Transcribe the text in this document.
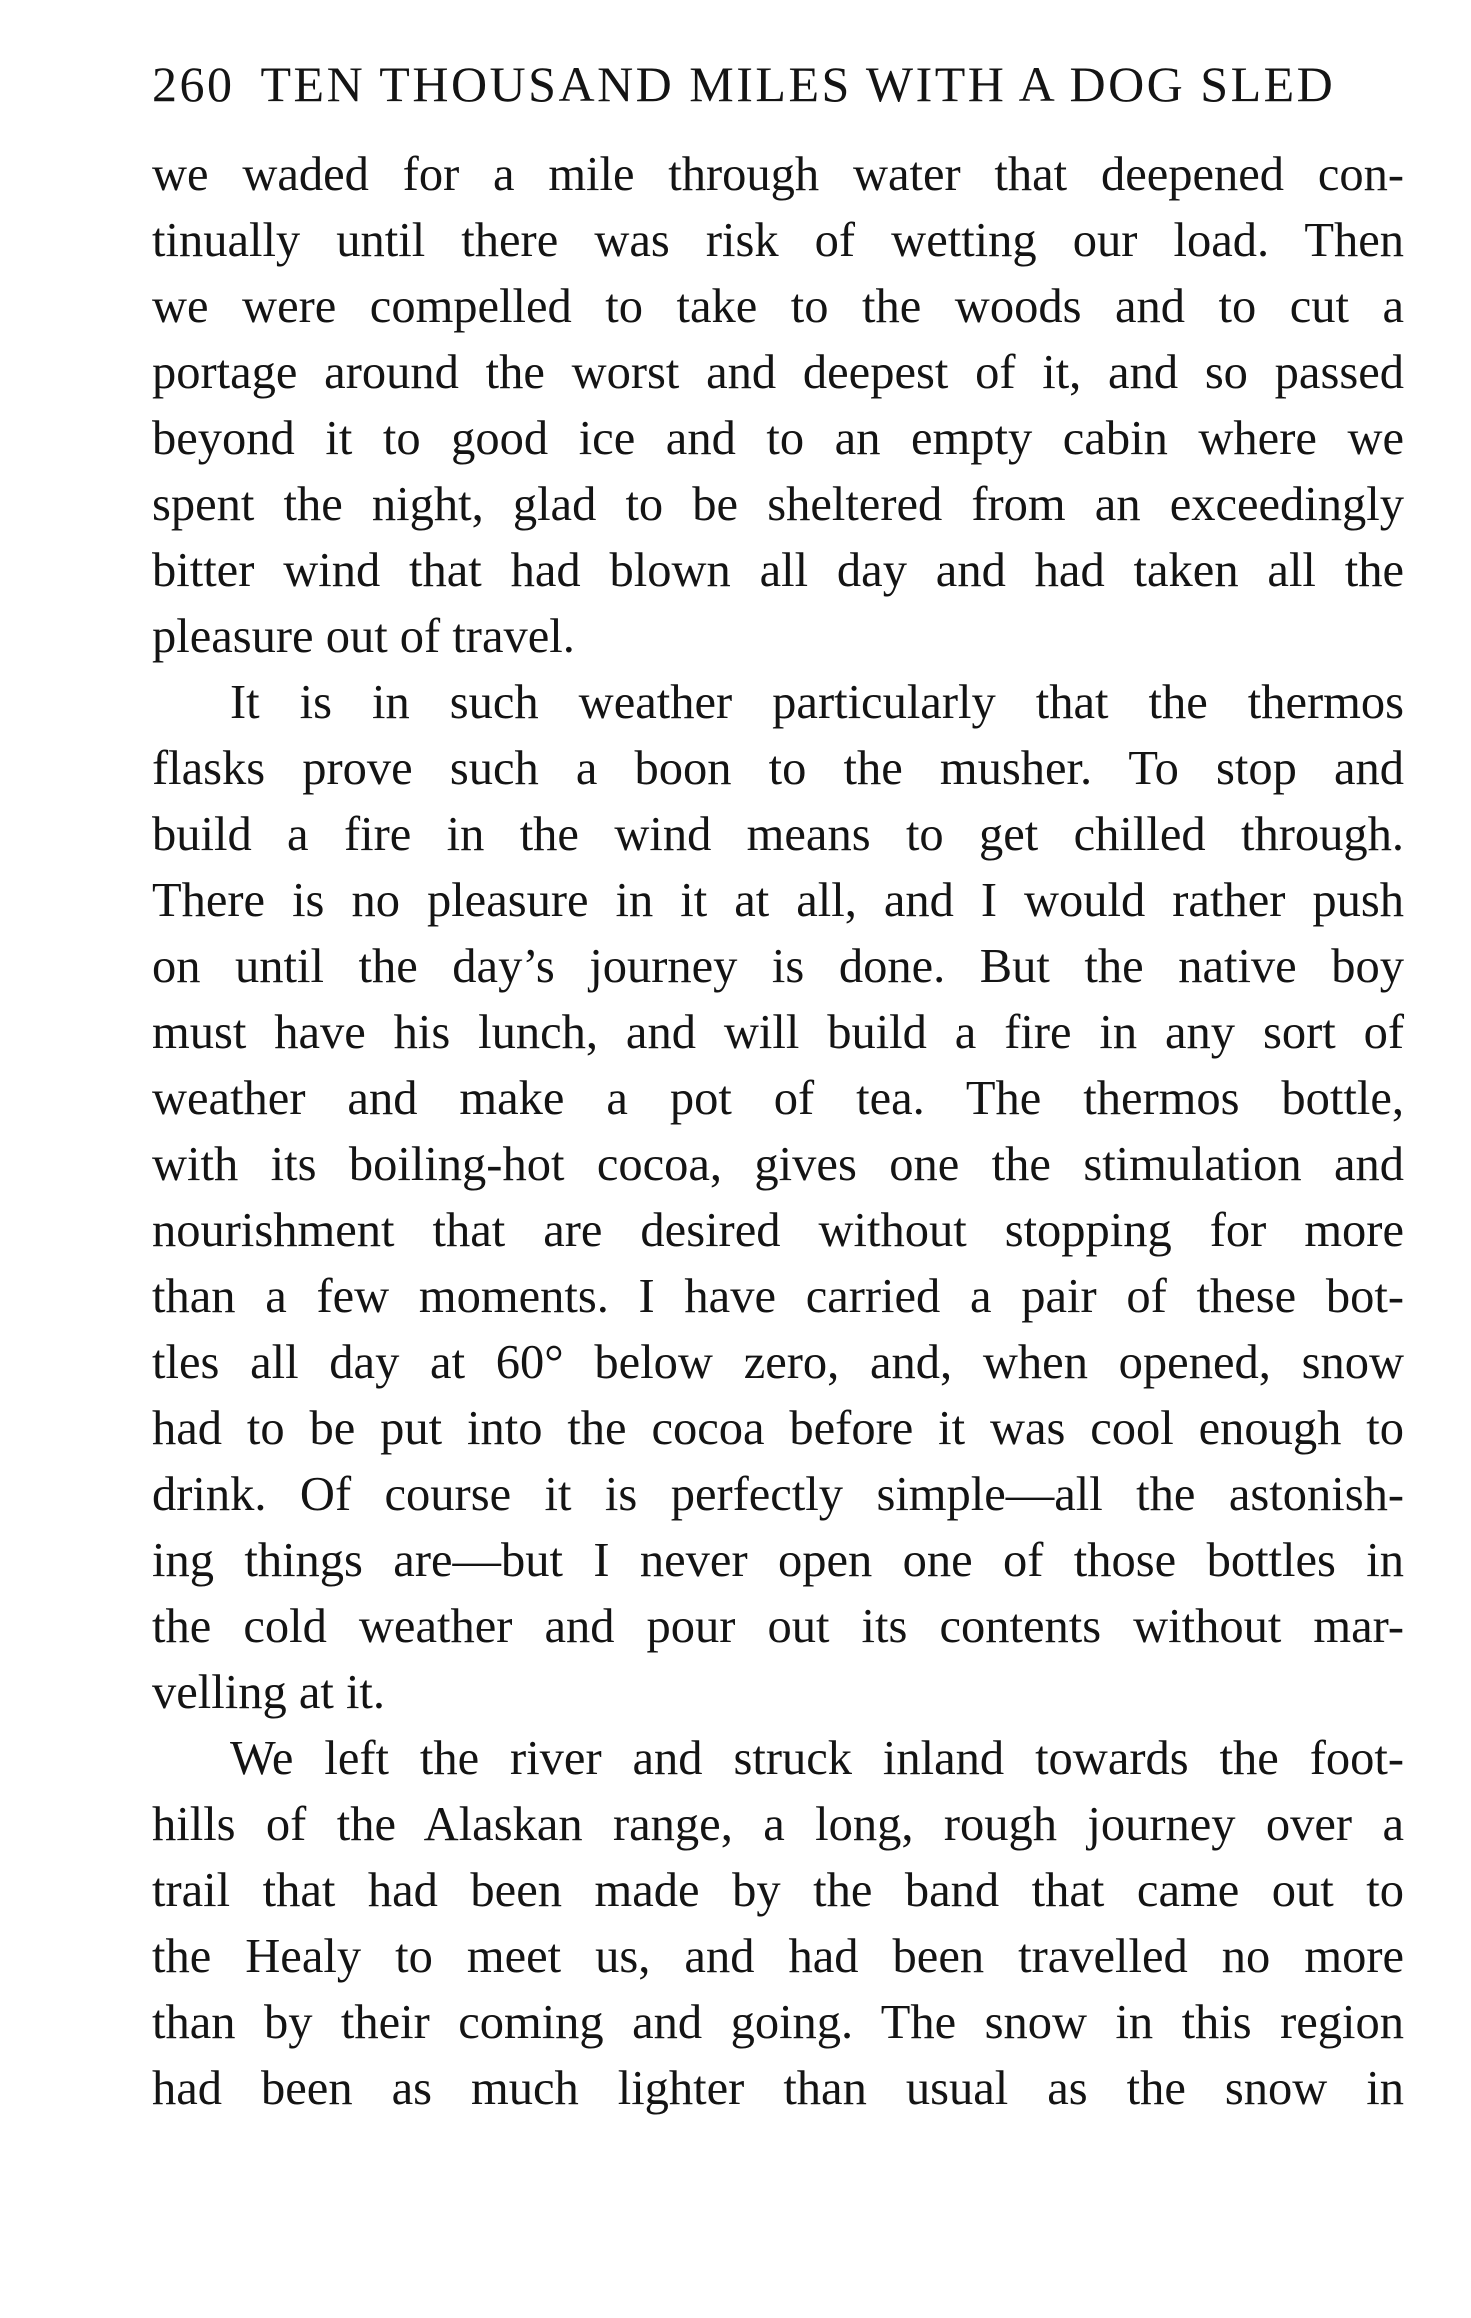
260 TEN THOUSAND MILES WITH A DOG SLED
we waded for a mile through water that deepened con-
tinually until there was risk of wetting our load. Then
we were compelled to take to the woods and to cut a
portage around the worst and deepest of it, and so passed
beyond it to good ice and to an empty cabin where we
spent the night, glad to be sheltered from an exceedingly
bitter wind that had blown all day and had taken all the
pleasure out of travel.
It is in such weather particularly that the thermos
flasks prove such a boon to the musher. To stop and
build a fire in the wind means to get chilled through.
There is no pleasure in it at all, and I would rather push
on until the day’s journey is done. But the native boy
must have his lunch, and will build a fire in any sort of
weather and make a pot of tea. The thermos bottle,
with its boiling-hot cocoa, gives one the stimulation and
nourishment that are desired without stopping for more
than a few moments. I have carried a pair of these bot-
tles all day at 60° below zero, and, when opened, snow
had to be put into the cocoa before it was cool enough to
drink. Of course it is perfectly simple—all the astonish-
ing things are—but I never open one of those bottles in
the cold weather and pour out its contents without mar-
velling at it.
We left the river and struck inland towards the foot-
hills of the Alaskan range, a long, rough journey over a
trail that had been made by the band that came out to
the Healy to meet us, and had been travelled no more
than by their coming and going. The snow in this region
had been as much lighter than usual as the snow in
